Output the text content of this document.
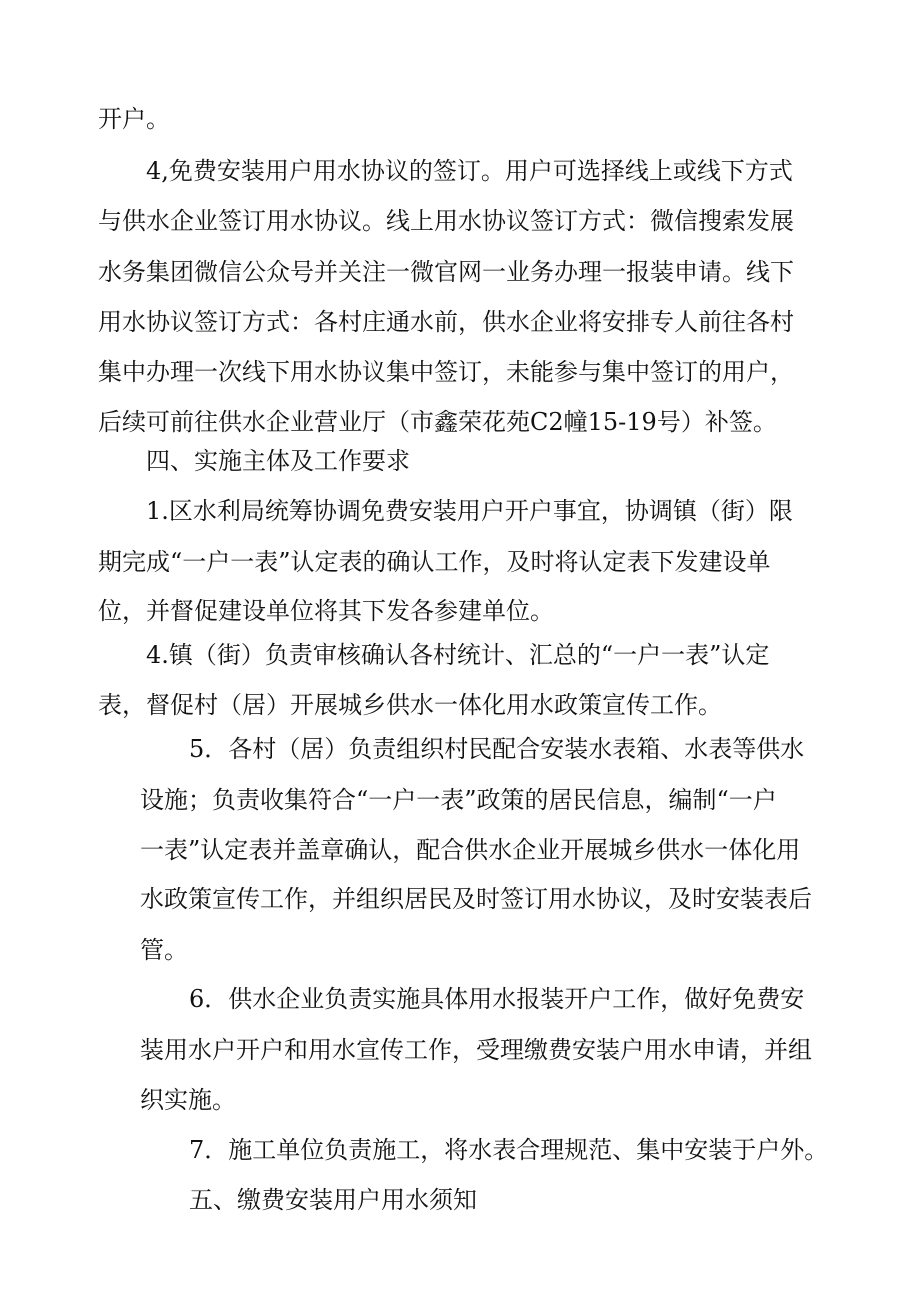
开户。
4,免费安装用户用水协议的签订。用户可选择线上或线下方式
与供水企业签订用水协议。线上用水协议签订方式：微信搜索发展
水务集团微信公众号并关注一微官网一业务办理一报装申请。线下
用水协议签订方式：各村庄通水前，供水企业将安排专人前往各村
集中办理一次线下用水协议集中签订，未能参与集中签订的用户，
后续可前往供水企业营业厅（市鑫荣花苑C2幢15-19号）补签。
四、实施主体及工作要求
1.区水利局统筹协调免费安装用户开户事宜，协调镇（街）限
期完成“一户一表”认定表的确认工作，及时将认定表下发建设单
位，并督促建设单位将其下发各参建单位。
4.镇（街）负责审核确认各村统计、汇总的“一户一表”认定
表，督促村（居）开展城乡供水一体化用水政策宣传工作。
5．各村（居）负责组织村民配合安装水表箱、水表等供水
设施；负责收集符合“一户一表”政策的居民信息，编制“一户
一表”认定表并盖章确认，配合供水企业开展城乡供水一体化用
水政策宣传工作，并组织居民及时签订用水协议，及时安装表后
管。
6．供水企业负责实施具体用水报装开户工作，做好免费安
装用水户开户和用水宣传工作，受理缴费安装户用水申请，并组
织实施。
7．施工单位负责施工，将水表合理规范、集中安装于户外。
五、缴费安装用户用水须知
